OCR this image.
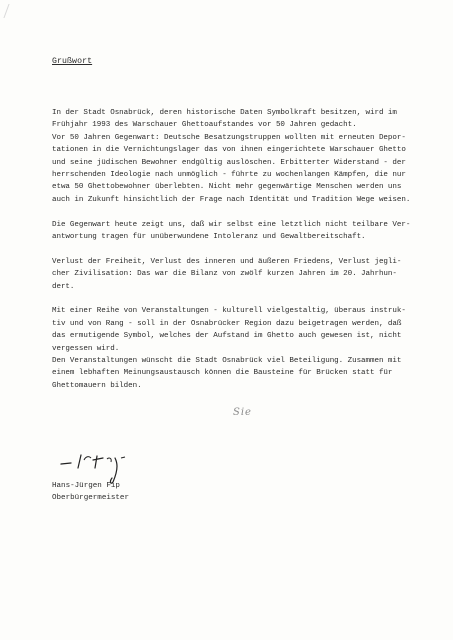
Grußwort

In der Stadt Osnabrück, deren historische Daten Symbolkraft besitzen, wird im
Frühjahr 1993 des Warschauer Ghettoaufstandes vor 50 Jahren gedacht.
Vor 50 Jahren Gegenwart: Deutsche Besatzungstruppen wollten mit erneuten Depor-
tationen in die Vernichtungslager das von ihnen eingerichtete Warschauer Ghetto
und seine jüdischen Bewohner endgültig auslöschen. Erbitterter Widerstand - der
herrschenden Ideologie nach unmöglich - führte zu wochenlangen Kämpfen, die nur
etwa 50 Ghettobewohner überlebten. Nicht mehr gegenwärtige Menschen werden uns
auch in Zukunft hinsichtlich der Frage nach Identität und Tradition Wege weisen.

Die Gegenwart heute zeigt uns, daß wir selbst eine letztlich nicht teilbare Ver-
antwortung tragen für unüberwundene Intoleranz und Gewaltbereitschaft.

Verlust der Freiheit, Verlust des inneren und äußeren Friedens, Verlust jegli-
cher Zivilisation: Das war die Bilanz von zwölf kurzen Jahren im 20. Jahrhun-
dert.

Mit einer Reihe von Veranstaltungen - kulturell vielgestaltig, überaus instruk-
tiv und von Rang - soll in der Osnabrücker Region dazu beigetragen werden, daß
das ermutigende Symbol, welches der Aufstand im Ghetto auch gewesen ist, nicht
vergessen wird.
Den Veranstaltungen wünscht die Stadt Osnabrück viel Beteiligung. Zusammen mit
einem lebhaften Meinungsaustausch können die Bausteine für Brücken statt für
Ghettomauern bilden.

Sie
Hans-Jürgen Fip
Oberbürgermeister
